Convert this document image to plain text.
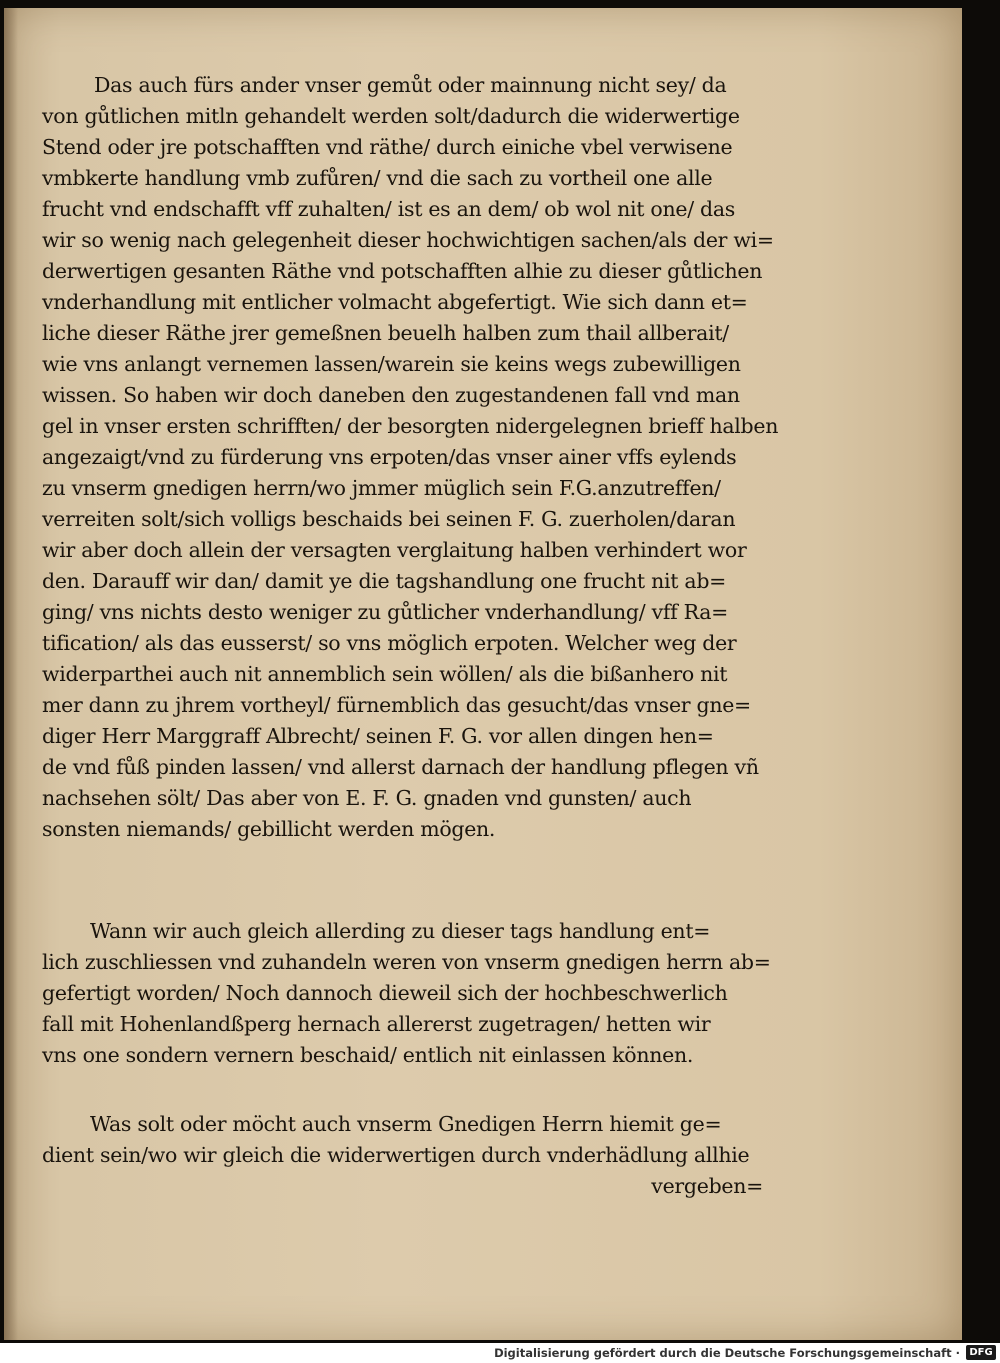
Das auch fürs ander vnser gemůt oder mainnung nicht sey/ da
von gůtlichen mitln gehandelt werden solt/dadurch die widerwertige
Stend oder jre potschafften vnd räthe/ durch einiche vbel verwisene
vmbkerte handlung vmb zufůren/ vnd die sach zu vortheil one alle
frucht vnd endschafft vff zuhalten/ ist es an dem/ ob wol nit one/ das
wir so wenig nach gelegenheit dieser hochwichtigen sachen/als der wi=
derwertigen gesanten Räthe vnd potschafften alhie zu dieser gůtlichen
vnderhandlung mit entlicher volmacht abgefertigt. Wie sich dann et=
liche dieser Räthe jrer gemeßnen beuelh halben zum thail allberait/
wie vns anlangt vernemen lassen/warein sie keins wegs zubewilligen
wissen. So haben wir doch daneben den zugestandenen fall vnd man
gel in vnser ersten schrifften/ der besorgten nidergelegnen brieff halben
angezaigt/vnd zu fürderung vns erpoten/das vnser ainer vffs eylends
zu vnserm gnedigen herrn/wo jmmer müglich sein F.G.anzutreffen/
verreiten solt/sich volligs beschaids bei seinen F. G. zuerholen/daran
wir aber doch allein der versagten verglaitung halben verhindert wor
den. Darauff wir dan/ damit ye die tagshandlung one frucht nit ab=
ging/ vns nichts desto weniger zu gůtlicher vnderhandlung/ vff Ra=
tification/ als das eusserst/ so vns möglich erpoten. Welcher weg der
widerparthei auch nit annemblich sein wöllen/ als die bißanhero nit
mer dann zu jhrem vortheyl/ fürnemblich das gesucht/das vnser gne=
diger Herr Marggraff Albrecht/ seinen F. G. vor allen dingen hen=
de vnd fůß pinden lassen/ vnd allerst darnach der handlung pflegen vñ
nachsehen sölt/ Das aber von E. F. G. gnaden vnd gunsten/ auch
sonsten niemands/ gebillicht werden mögen.
Wann wir auch gleich allerding zu dieser tags handlung ent=
lich zuschliessen vnd zuhandeln weren von vnserm gnedigen herrn ab=
gefertigt worden/ Noch dannoch dieweil sich der hochbeschwerlich
fall mit Hohenlandßperg hernach allererst zugetragen/ hetten wir
vns one sondern vernern beschaid/ entlich nit einlassen können.
Was solt oder möcht auch vnserm Gnedigen Herrn hiemit ge=
dient sein/wo wir gleich die widerwertigen durch vnderhädlung allhie
vergeben=
Digitalisierung gefördert durch die Deutsche Forschungsgemeinschaft · DFG
